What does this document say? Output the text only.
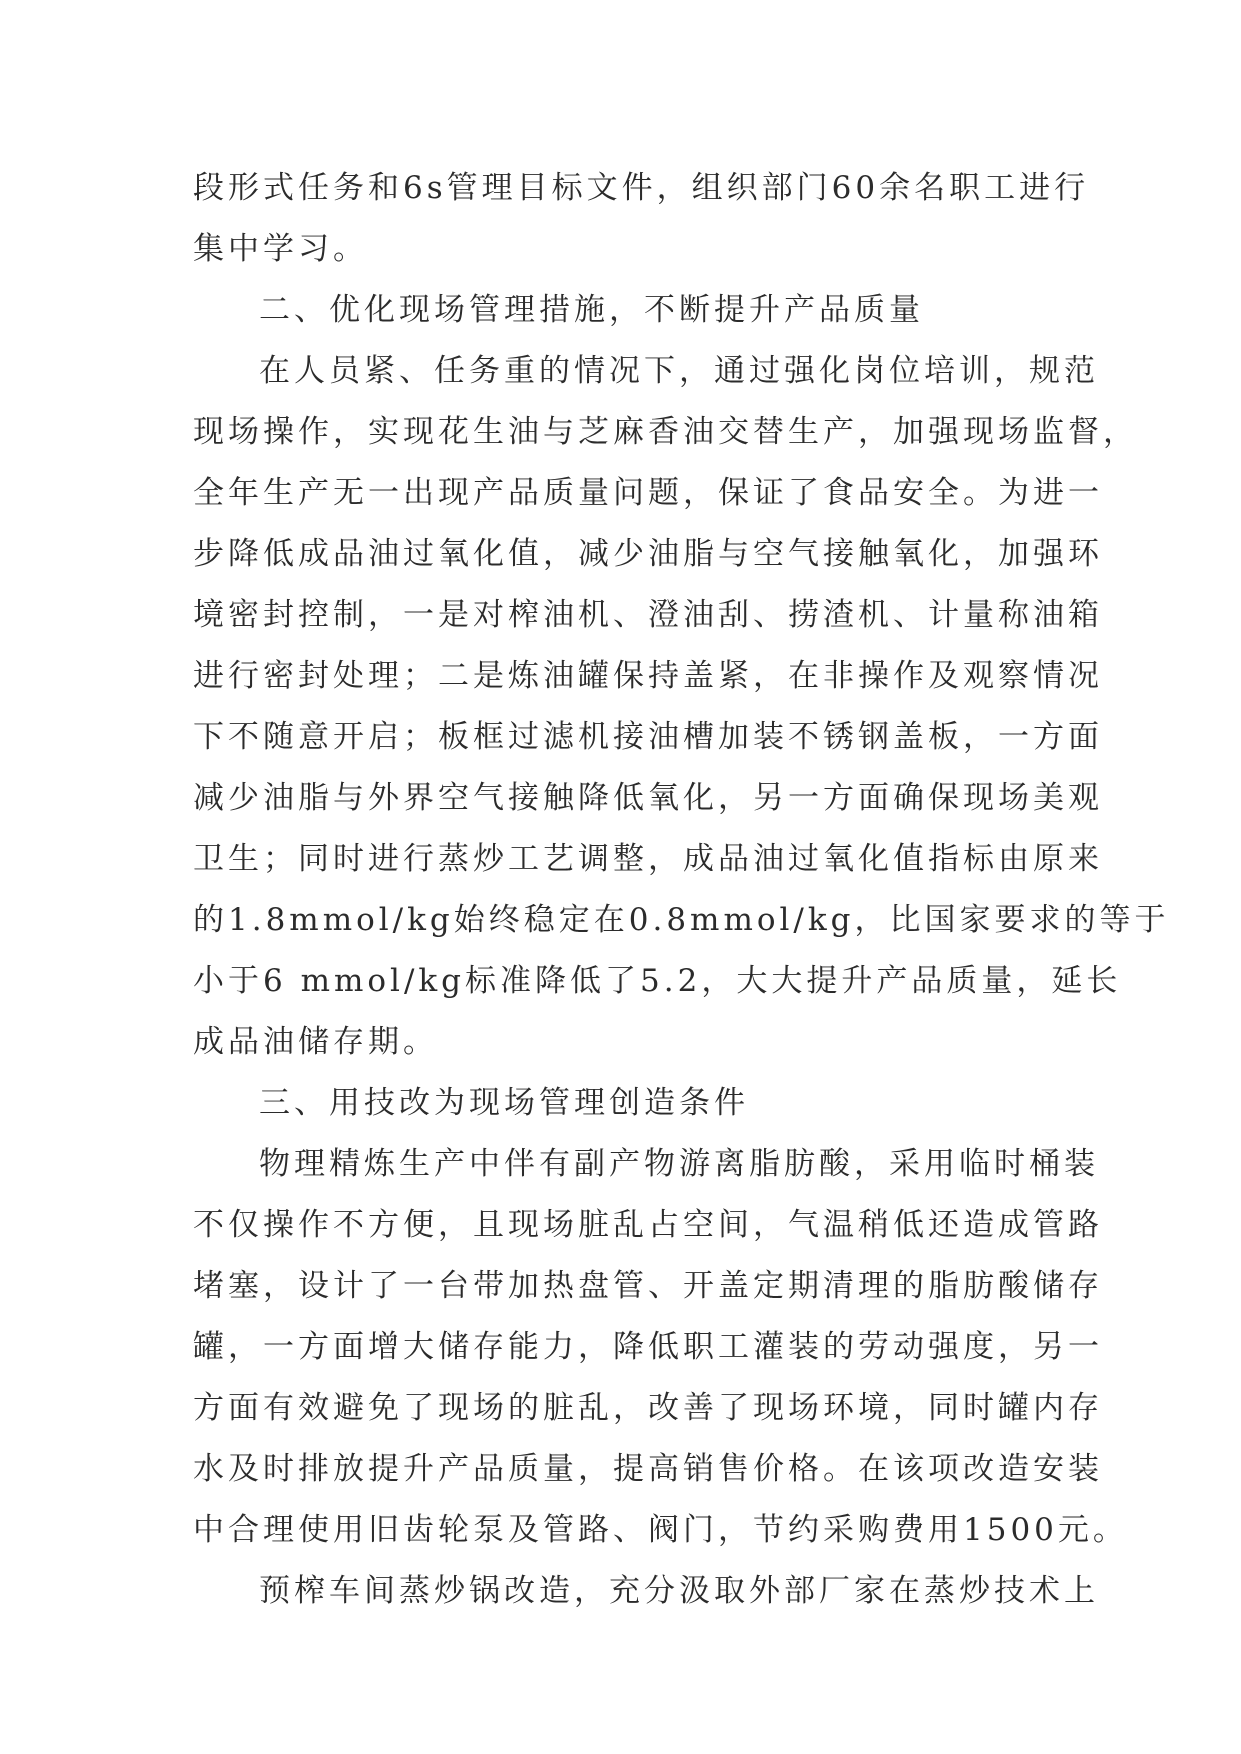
段形式任务和6s管理目标文件，组织部门60余名职工进行
集中学习。
二、优化现场管理措施，不断提升产品质量
在人员紧、任务重的情况下，通过强化岗位培训，规范
现场操作，实现花生油与芝麻香油交替生产，加强现场监督，
全年生产无一出现产品质量问题，保证了食品安全。为进一
步降低成品油过氧化值，减少油脂与空气接触氧化，加强环
境密封控制，一是对榨油机、澄油刮、捞渣机、计量称油箱
进行密封处理；二是炼油罐保持盖紧，在非操作及观察情况
下不随意开启；板框过滤机接油槽加装不锈钢盖板，一方面
减少油脂与外界空气接触降低氧化，另一方面确保现场美观
卫生；同时进行蒸炒工艺调整，成品油过氧化值指标由原来
的1.8mmol/kg始终稳定在0.8mmol/kg，比国家要求的等于
小于6 mmol/kg标准降低了5.2，大大提升产品质量，延长
成品油储存期。
三、用技改为现场管理创造条件
物理精炼生产中伴有副产物游离脂肪酸，采用临时桶装
不仅操作不方便，且现场脏乱占空间，气温稍低还造成管路
堵塞，设计了一台带加热盘管、开盖定期清理的脂肪酸储存
罐，一方面增大储存能力，降低职工灌装的劳动强度，另一
方面有效避免了现场的脏乱，改善了现场环境，同时罐内存
水及时排放提升产品质量，提高销售价格。在该项改造安装
中合理使用旧齿轮泵及管路、阀门，节约采购费用1500元。
预榨车间蒸炒锅改造，充分汲取外部厂家在蒸炒技术上
